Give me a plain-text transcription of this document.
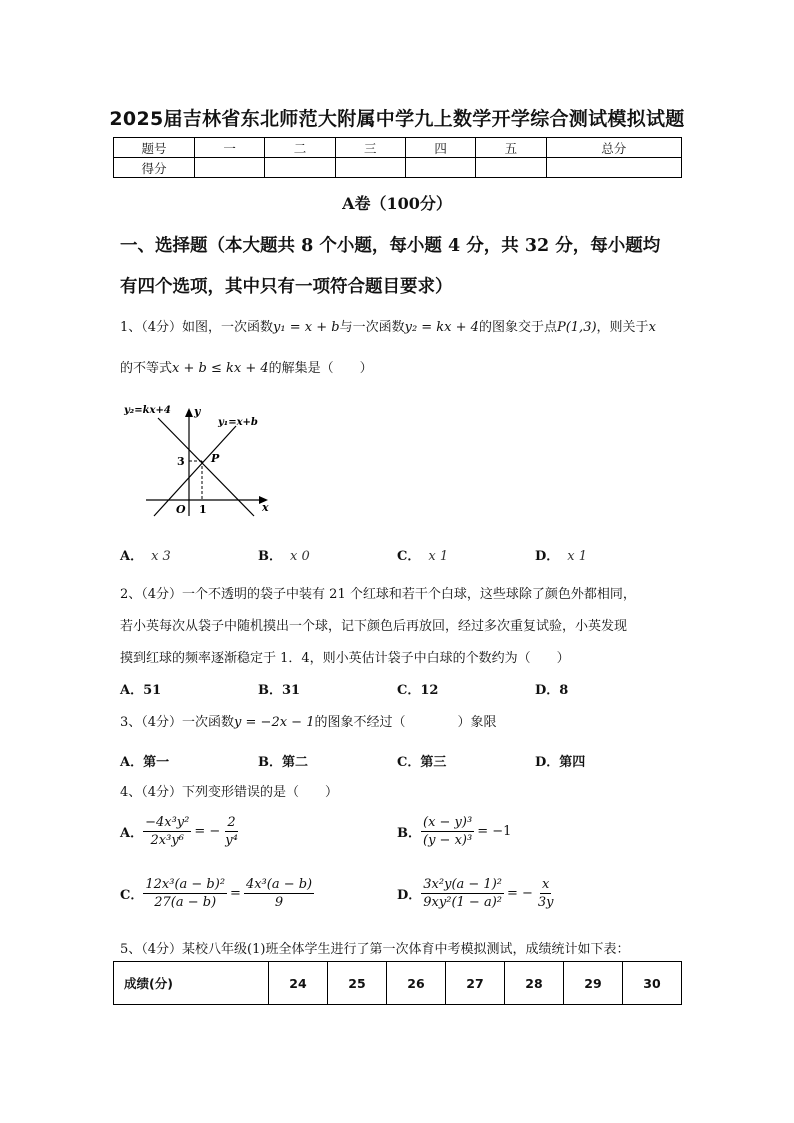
2025届吉林省东北师范大附属中学九上数学开学综合测试模拟试题
题号	一	二	三	四	五	总分
得分						
A卷（100分）
一、选择题（本大题共 8 个小题，每小题 4 分，共 32 分，每小题均
有四个选项，其中只有一项符合题目要求）
1、（4分）如图，一次函数y₁ = x + b与一次函数y₂ = kx + 4的图象交于点P(1,3)，则关于x
的不等式x + b ≤ kx + 4的解集是（　　）
y₂=kx+4
y₁=x+b
y
x
3 P
O 1
A． x 3	B． x 0	C． x 1	D． x 1
2、（4分）一个不透明的袋子中装有 21 个红球和若干个白球，这些球除了颜色外都相同，
若小英每次从袋子中随机摸出一个球，记下颜色后再放回，经过多次重复试验，小英发现
摸到红球的频率逐渐稳定于 1．4，则小英估计袋子中白球的个数约为（　　）
A．51	B．31	C．12	D．8
3、（4分）一次函数y = −2x − 1的图象不经过（　　　　）象限
A．第一	B．第二	C．第三	D．第四
4、（4分）下列变形错误的是（　　）
A． $\frac{\text{−4x³y²}}{\text{2x³y⁶}}$ = − $\frac{2}{\text{y⁴}}$	B． $\frac{\text{(x − y)³}}{\text{(y − x)³}} = -1$
C． $\frac{\text{12x³(a − b)²}}{27(a - b)} = \frac{\text{4x³(a − b)}}{9}$	D． $\frac{\text{3x²y(a − 1)²}}{\text{9xy²(1 − a)²}}$ = − $\frac{x}{3y}$
5、（4分）某校八年级(1)班全体学生进行了第一次体育中考模拟测试，成绩统计如下表：
成绩(分)	24	25	26	27	28	29	30
